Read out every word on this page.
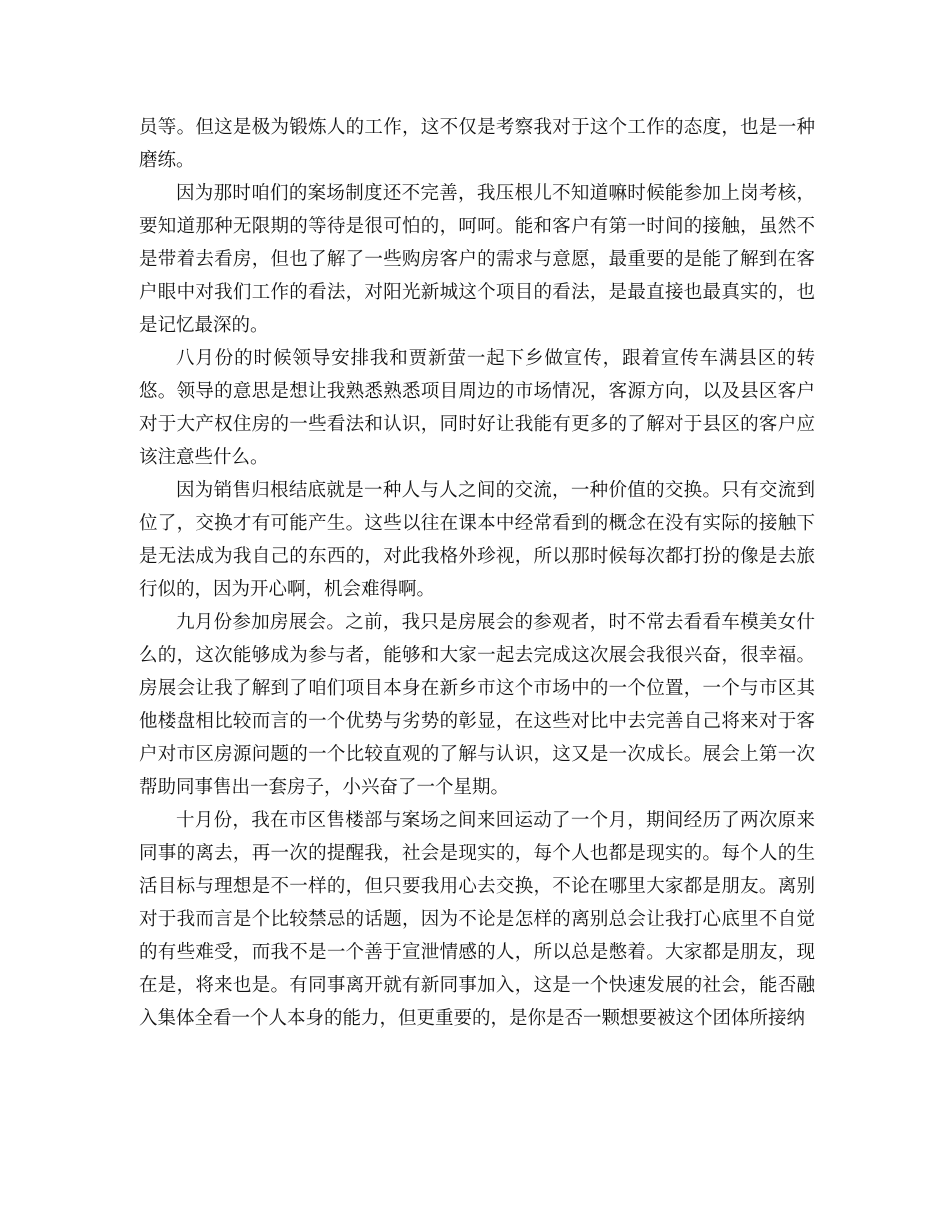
员等。但这是极为锻炼人的工作，这不仅是考察我对于这个工作的态度，也是一种磨练。

因为那时咱们的案场制度还不完善，我压根儿不知道嘛时候能参加上岗考核，要知道那种无限期的等待是很可怕的，呵呵。能和客户有第一时间的接触，虽然不是带着去看房，但也了解了一些购房客户的需求与意愿，最重要的是能了解到在客户眼中对我们工作的看法，对阳光新城这个项目的看法，是最直接也最真实的，也是记忆最深的。

八月份的时候领导安排我和贾新萤一起下乡做宣传，跟着宣传车满县区的转悠。领导的意思是想让我熟悉熟悉项目周边的市场情况，客源方向，以及县区客户对于大产权住房的一些看法和认识，同时好让我能有更多的了解对于县区的客户应该注意些什么。

因为销售归根结底就是一种人与人之间的交流，一种价值的交换。只有交流到位了，交换才有可能产生。这些以往在课本中经常看到的概念在没有实际的接触下是无法成为我自己的东西的，对此我格外珍视，所以那时候每次都打扮的像是去旅行似的，因为开心啊，机会难得啊。

九月份参加房展会。之前，我只是房展会的参观者，时不常去看看车模美女什么的，这次能够成为参与者，能够和大家一起去完成这次展会我很兴奋，很幸福。房展会让我了解到了咱们项目本身在新乡市这个市场中的一个位置，一个与市区其他楼盘相比较而言的一个优势与劣势的彰显，在这些对比中去完善自己将来对于客户对市区房源问题的一个比较直观的了解与认识，这又是一次成长。展会上第一次帮助同事售出一套房子，小兴奋了一个星期。

十月份，我在市区售楼部与案场之间来回运动了一个月，期间经历了两次原来同事的离去，再一次的提醒我，社会是现实的，每个人也都是现实的。每个人的生活目标与理想是不一样的，但只要我用心去交换，不论在哪里大家都是朋友。离别对于我而言是个比较禁忌的话题，因为不论是怎样的离别总会让我打心底里不自觉的有些难受，而我不是一个善于宣泄情感的人，所以总是憋着。大家都是朋友，现在是，将来也是。有同事离开就有新同事加入，这是一个快速发展的社会，能否融入集体全看一个人本身的能力，但更重要的，是你是否一颗想要被这个团体所接纳
